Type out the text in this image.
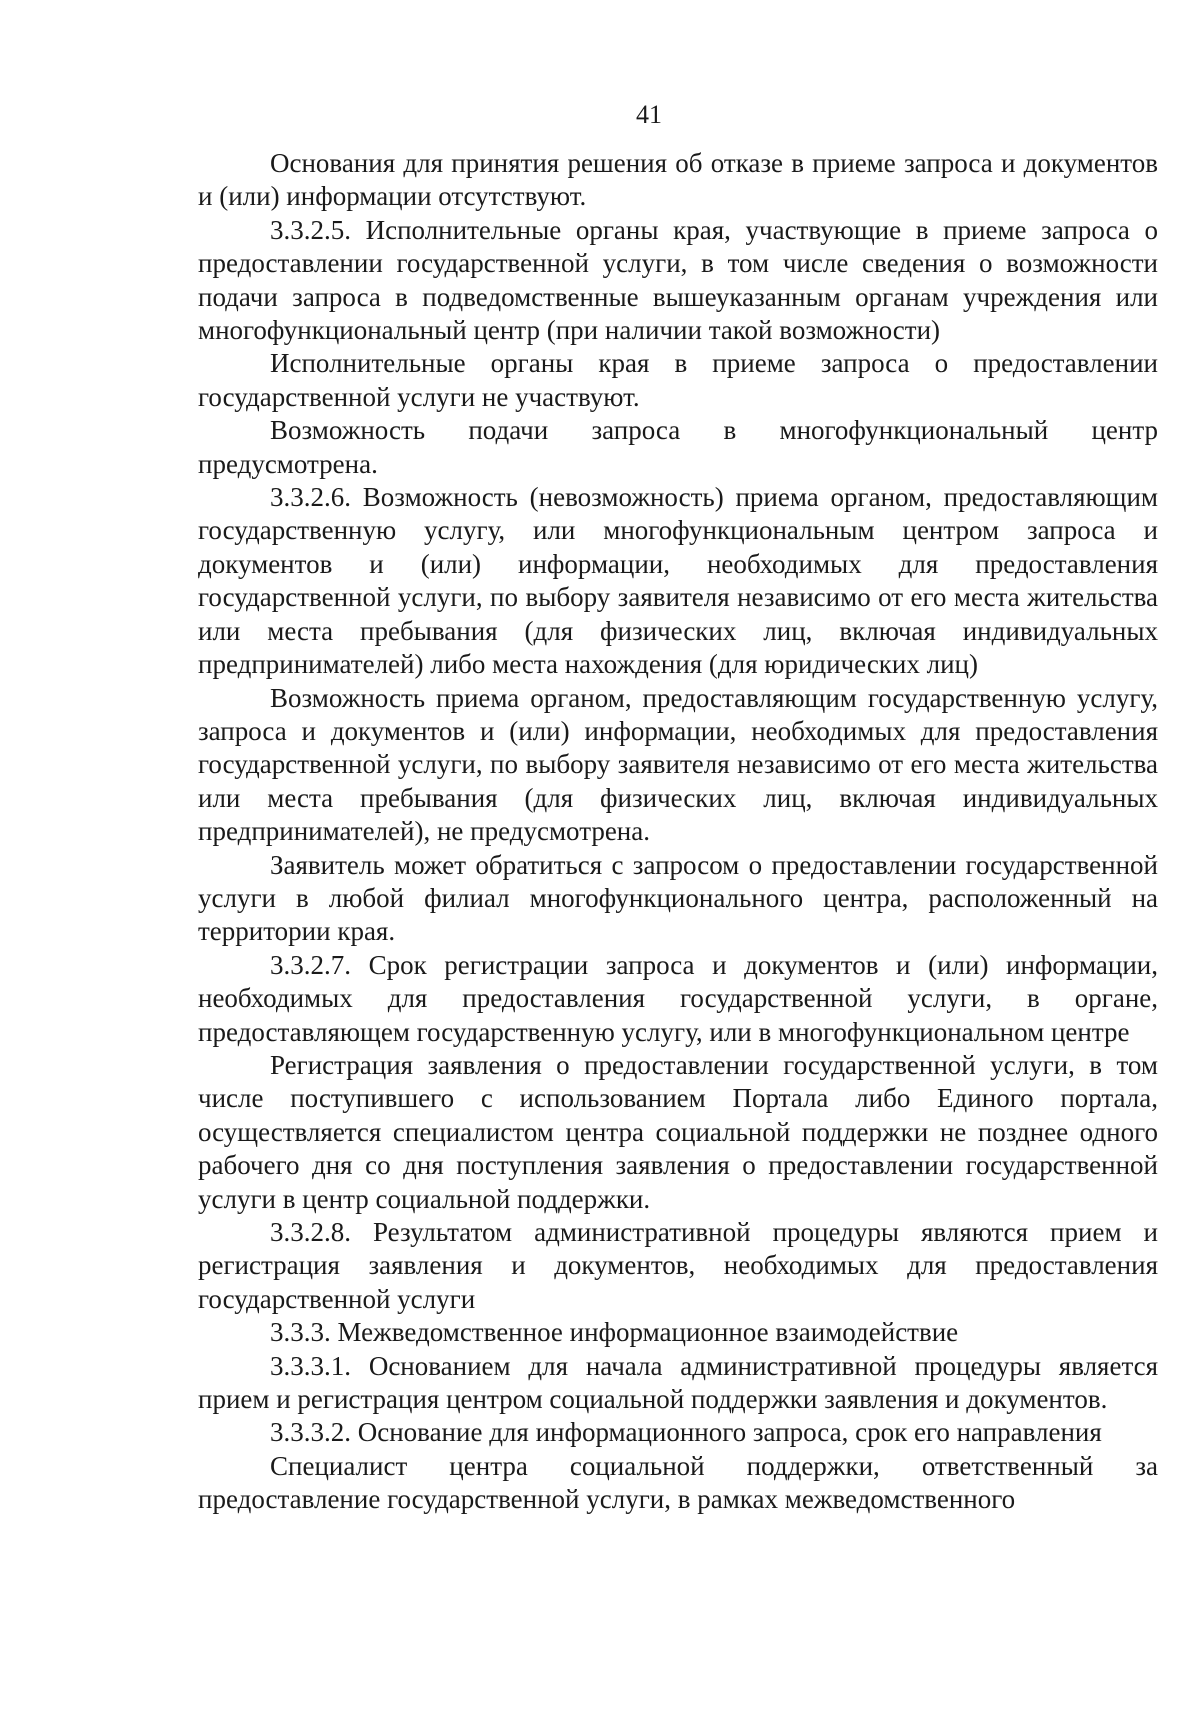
41

Основания для принятия решения об отказе в приеме запроса и документов и (или) информации отсутствуют.

3.3.2.5. Исполнительные органы края, участвующие в приеме запроса о предоставлении государственной услуги, в том числе сведения о возможности подачи запроса в подведомственные вышеуказанным органам учреждения или многофункциональный центр (при наличии такой возможности)

Исполнительные органы края в приеме запроса о предоставлении государственной услуги не участвуют.

Возможность подачи запроса в многофункциональный центр предусмотрена.

3.3.2.6. Возможность (невозможность) приема органом, предоставляющим государственную услугу, или многофункциональным центром запроса и документов и (или) информации, необходимых для предоставления государственной услуги, по выбору заявителя независимо от его места жительства или места пребывания (для физических лиц, включая индивидуальных предпринимателей) либо места нахождения (для юридических лиц)

Возможность приема органом, предоставляющим государственную услугу, запроса и документов и (или) информации, необходимых для предоставления государственной услуги, по выбору заявителя независимо от его места жительства или места пребывания (для физических лиц, включая индивидуальных предпринимателей), не предусмотрена.

Заявитель может обратиться с запросом о предоставлении государственной услуги в любой филиал многофункционального центра, расположенный на территории края.

3.3.2.7. Срок регистрации запроса и документов и (или) информации, необходимых для предоставления государственной услуги, в органе, предоставляющем государственную услугу, или в многофункциональном центре

Регистрация заявления о предоставлении государственной услуги, в том числе поступившего с использованием Портала либо Единого портала, осуществляется специалистом центра социальной поддержки не позднее одного рабочего дня со дня поступления заявления о предоставлении государственной услуги в центр социальной поддержки.

3.3.2.8. Результатом административной процедуры являются прием и регистрация заявления и документов, необходимых для предоставления государственной услуги

3.3.3. Межведомственное информационное взаимодействие

3.3.3.1. Основанием для начала административной процедуры является прием и регистрация центром социальной поддержки заявления и документов.

3.3.3.2. Основание для информационного запроса, срок его направления

Специалист центра социальной поддержки, ответственный за предоставление государственной услуги, в рамках межведомственного
